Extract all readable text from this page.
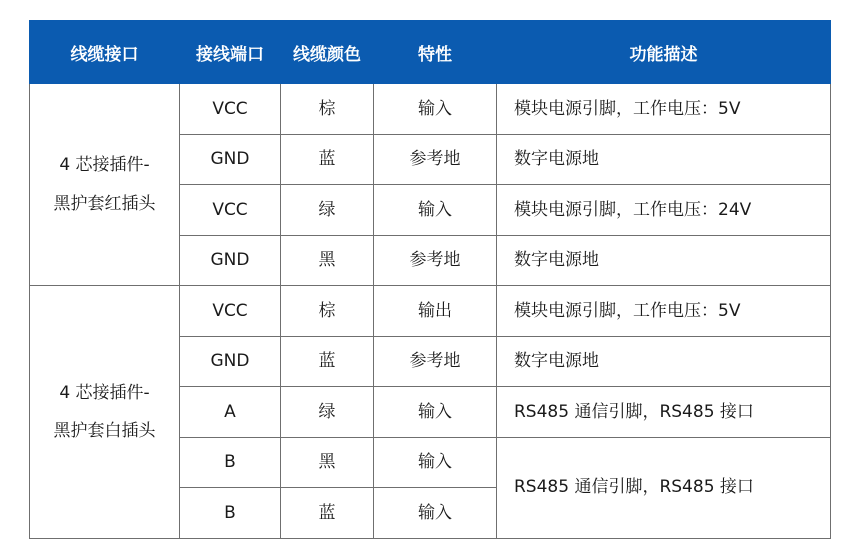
线缆接口	接线端口	线缆颜色	特性	功能描述

4 芯接插件-
黑护套红插头	VCC	棕	输入	模块电源引脚，工作电压：5V
	GND	蓝	参考地	数字电源地
	VCC	绿	输入	模块电源引脚，工作电压：24V
	GND	黑	参考地	数字电源地

4 芯接插件-
黑护套白插头	VCC	棕	输出	模块电源引脚，工作电压：5V
	GND	蓝	参考地	数字电源地
	A	绿	输入	RS485 通信引脚，RS485 接口
	B	黑	输入	RS485 通信引脚，RS485 接口
	B	蓝	输入	
